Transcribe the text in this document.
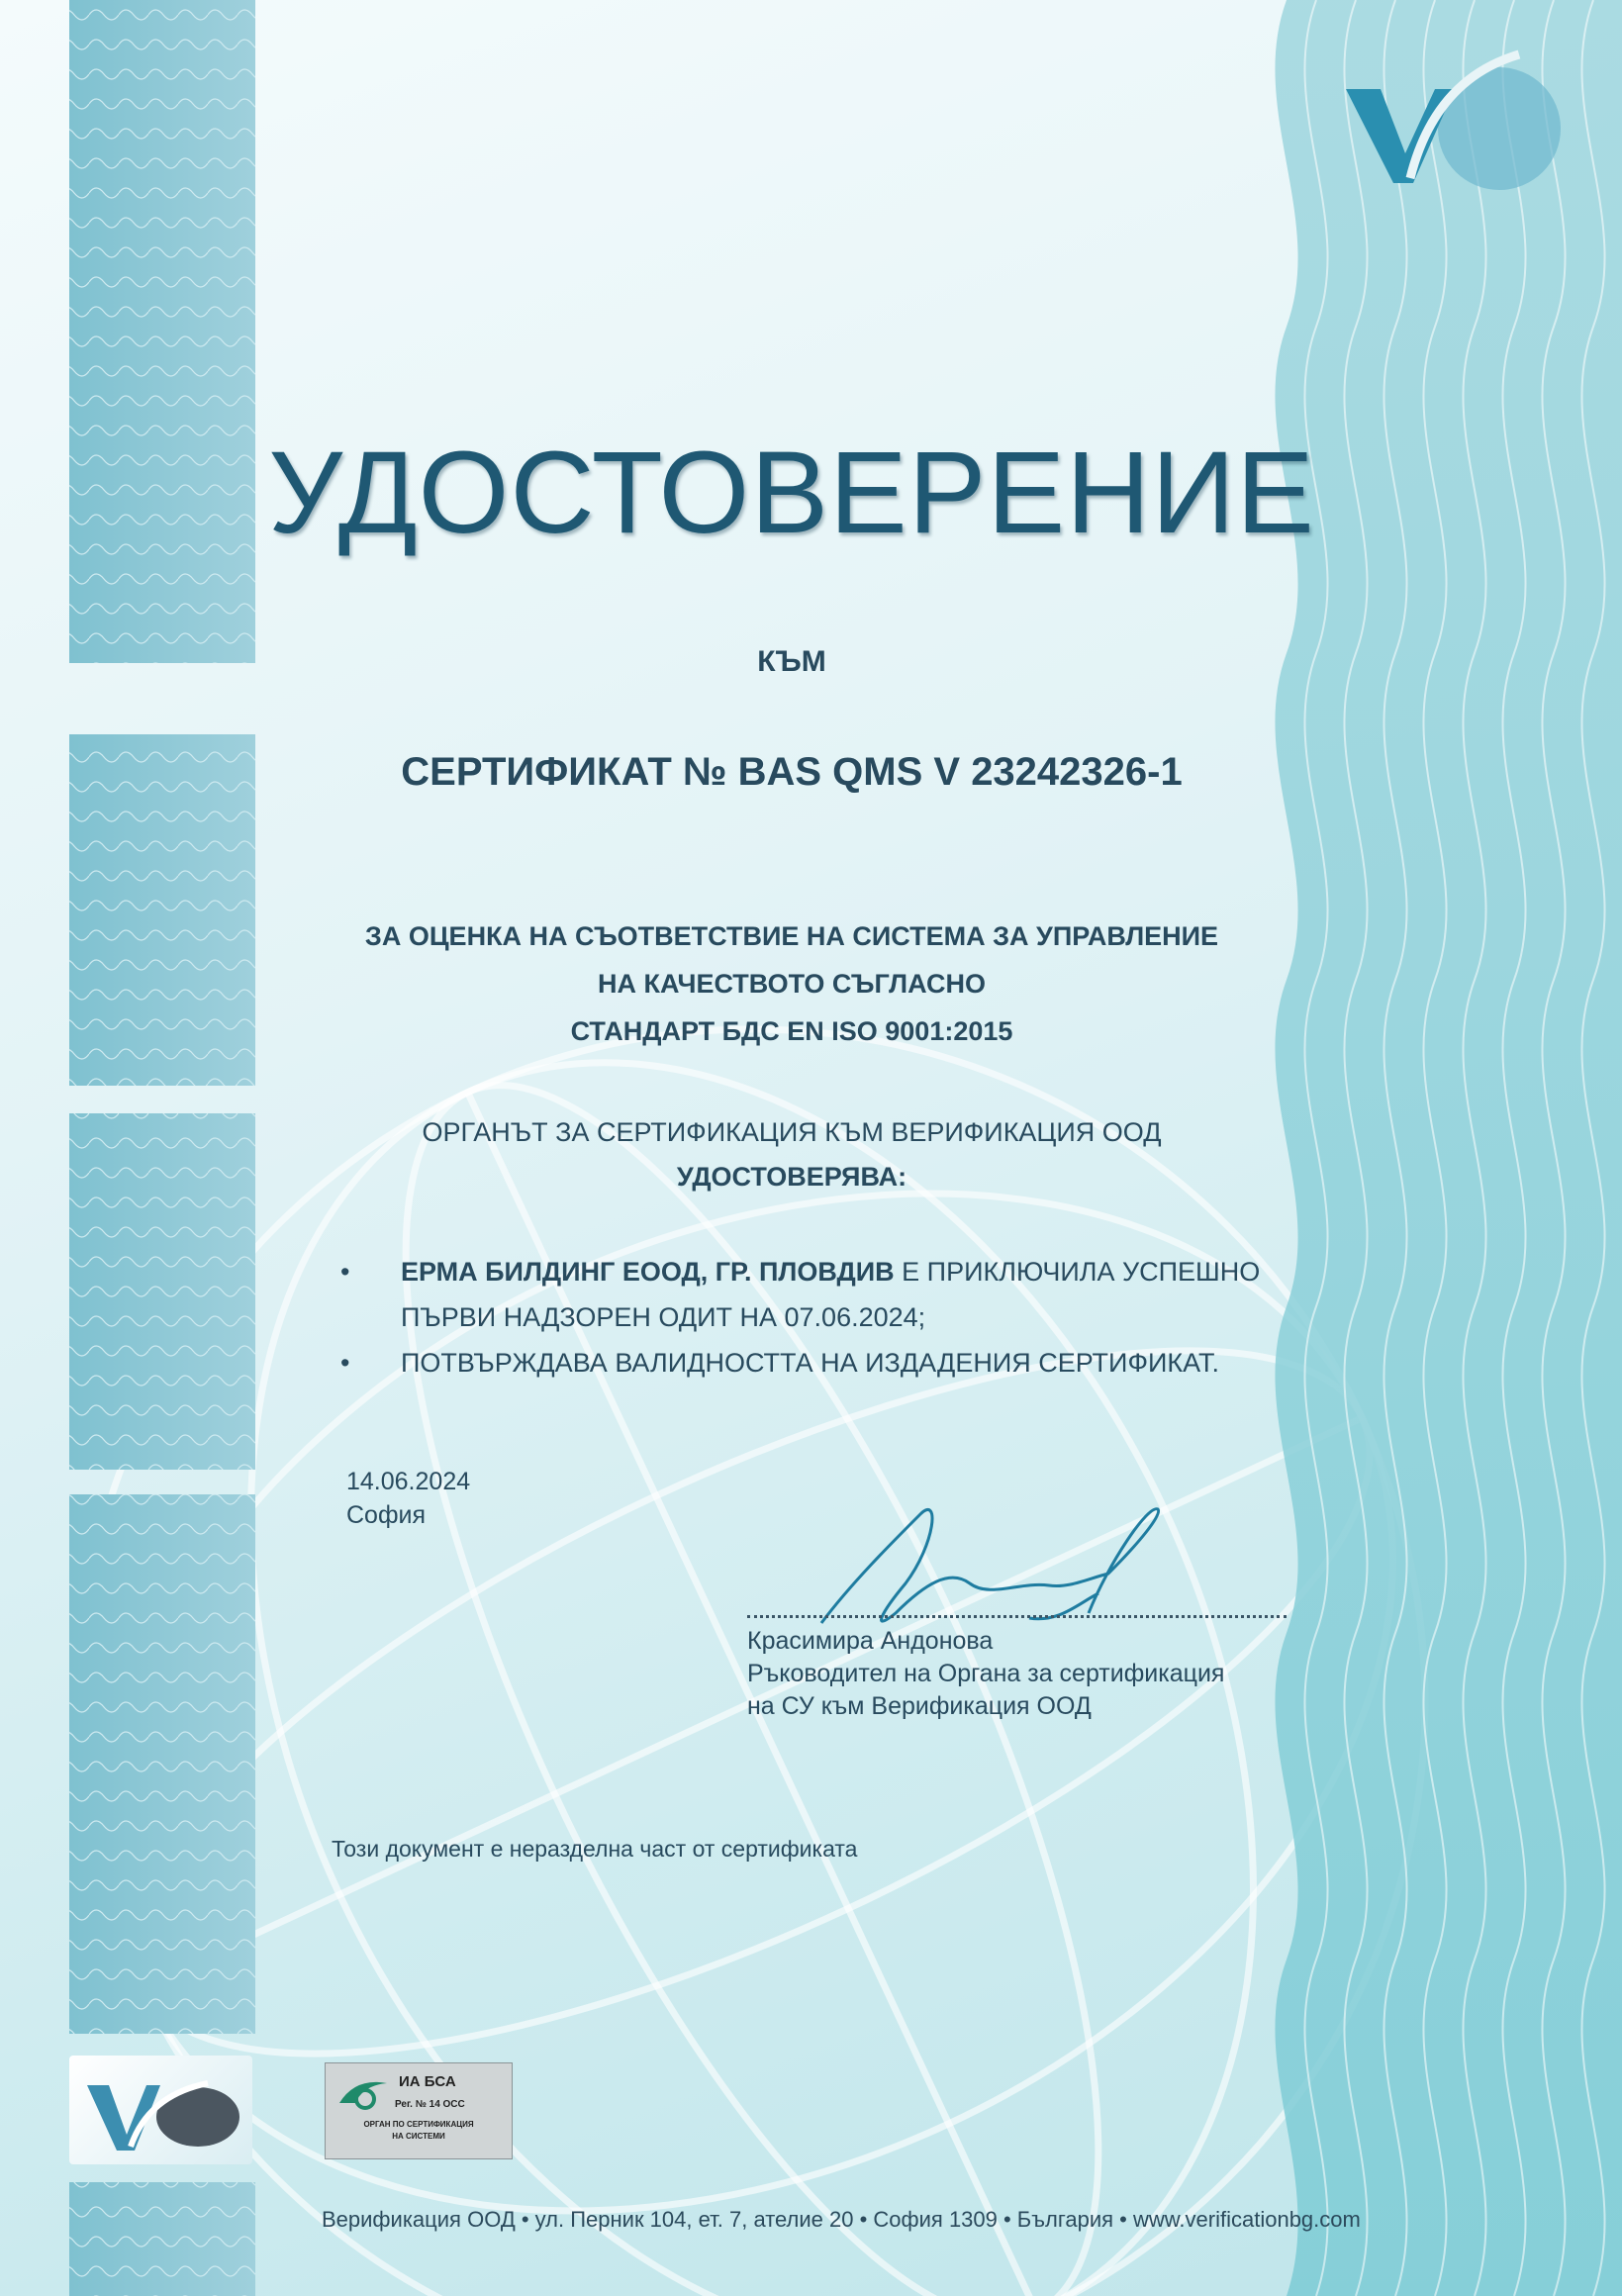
УДОСТОВЕРЕНИЕ
КЪМ
СЕРТИФИКАТ № BAS QMS V 23242326-1
ЗА ОЦЕНКА НА СЪОТВЕТСТВИЕ НА СИСТЕМА ЗА УПРАВЛЕНИЕ
НА КАЧЕСТВОТО СЪГЛАСНО
СТАНДАРТ БДС EN ISO 9001:2015
ОРГАНЪТ ЗА СЕРТИФИКАЦИЯ КЪМ ВЕРИФИКАЦИЯ ООД
УДОСТОВЕРЯВА:
• ЕРМА БИЛДИНГ ЕООД, ГР. ПЛОВДИВ Е ПРИКЛЮЧИЛА УСПЕШНО
ПЪРВИ НАДЗОРЕН ОДИТ НА 07.06.2024;
• ПОТВЪРЖДАВА ВАЛИДНОСТТА НА ИЗДАДЕНИЯ СЕРТИФИКАТ.
14.06.2024
София
Красимира Андонова
Ръководител на Органа за сертификация
на СУ към Верификация ООД
Този документ е неразделна част от сертификата
ИА БСА
Рег. № 14 ОСС
ОРГАН ПО СЕРТИФИКАЦИЯ
НА СИСТЕМИ
Верификация ООД • ул. Перник 104, ет. 7, ателие 20 • София 1309 • България • www.verificationbg.com
